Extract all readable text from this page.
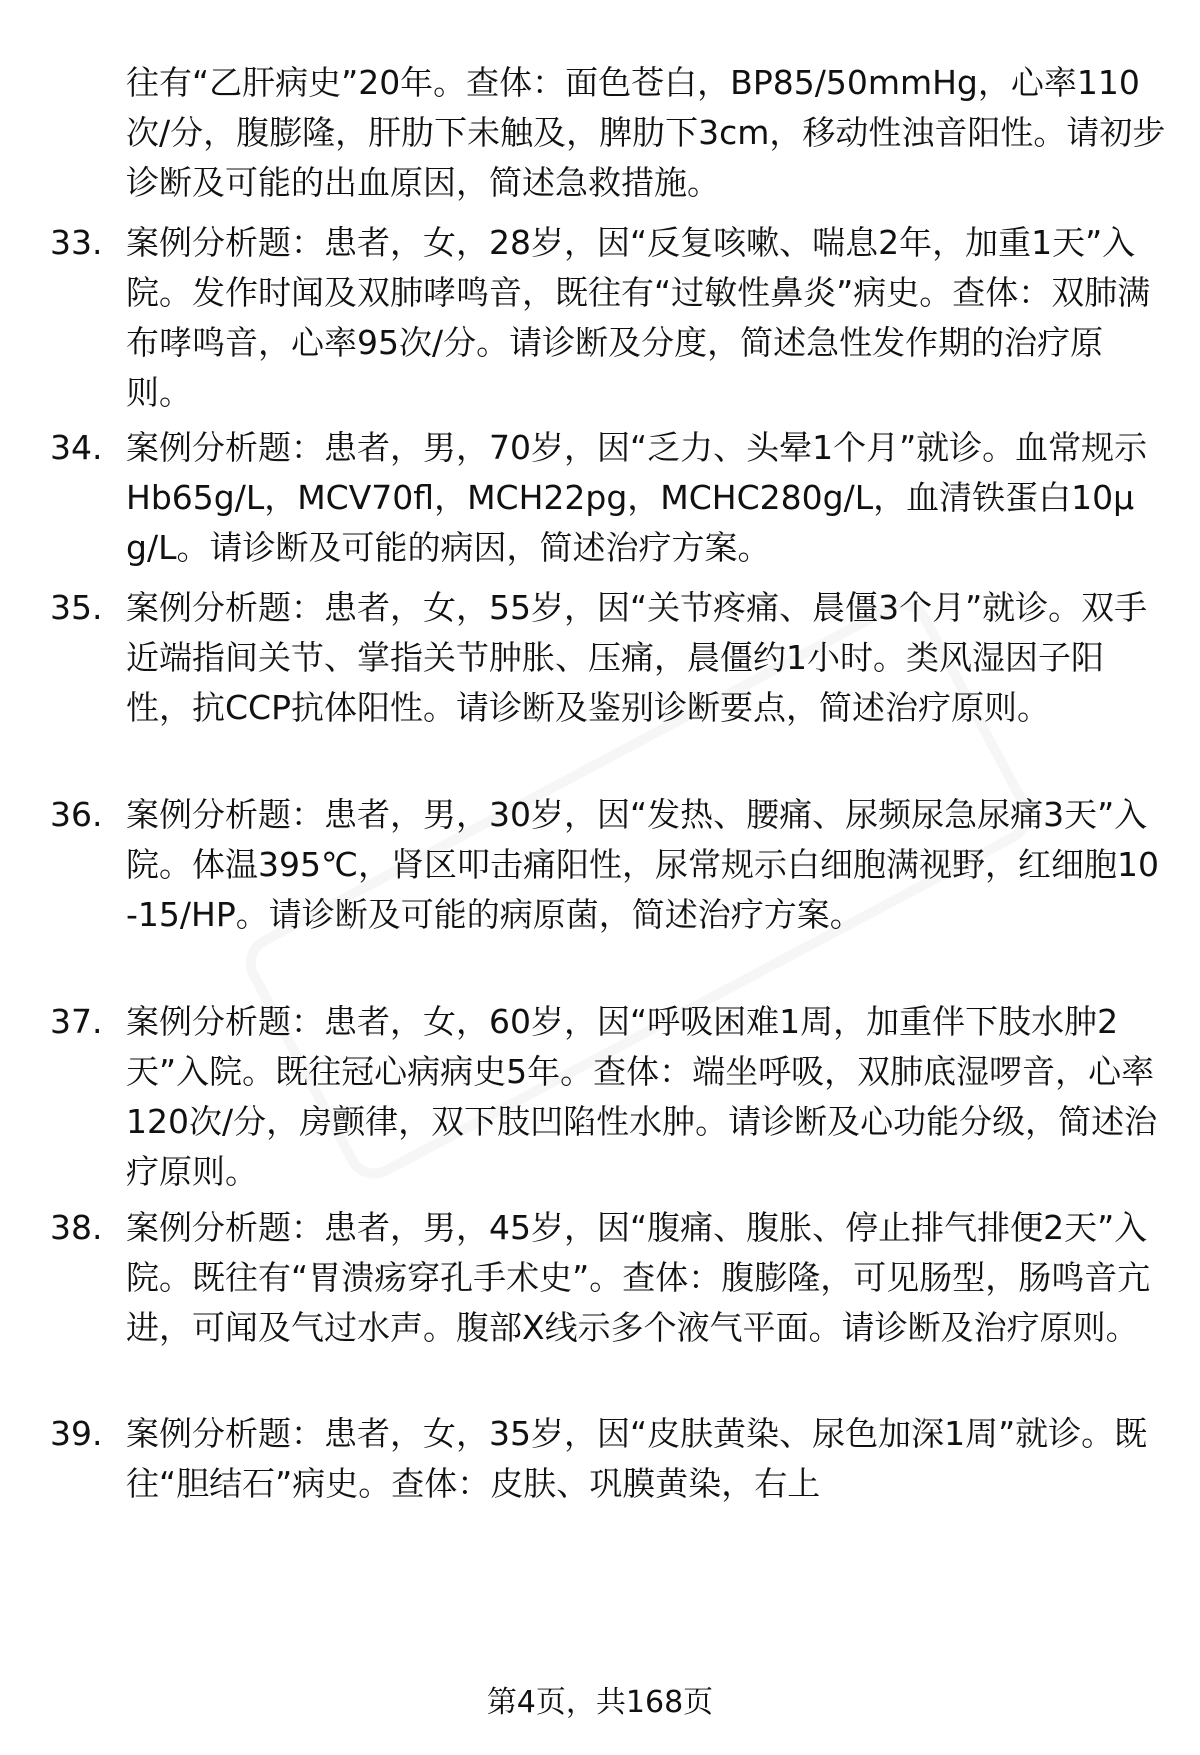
往有“乙肝病史”20年。查体：面色苍白，BP85/50mmHg，心率110次/分，腹膨隆，肝肋下未触及，脾肋下3cm，移动性浊音阳性。请初步诊断及可能的出血原因，简述急救措施。
33. 案例分析题：患者，女，28岁，因“反复咳嗽、喘息2年，加重1天”入院。发作时闻及双肺哮鸣音，既往有“过敏性鼻炎”病史。查体：双肺满布哮鸣音，心率95次/分。请诊断及分度，简述急性发作期的治疗原则。
34. 案例分析题：患者，男，70岁，因“乏力、头晕1个月”就诊。血常规示Hb65g/L，MCV70fl，MCH22pg，MCHC280g/L，血清铁蛋白10μg/L。请诊断及可能的病因，简述治疗方案。
35. 案例分析题：患者，女，55岁，因“关节疼痛、晨僵3个月”就诊。双手近端指间关节、掌指关节肿胀、压痛，晨僵约1小时。类风湿因子阳性，抗CCP抗体阳性。请诊断及鉴别诊断要点，简述治疗原则。
36. 案例分析题：患者，男，30岁，因“发热、腰痛、尿频尿急尿痛3天”入院。体温395℃，肾区叩击痛阳性，尿常规示白细胞满视野，红细胞10-15/HP。请诊断及可能的病原菌，简述治疗方案。
37. 案例分析题：患者，女，60岁，因“呼吸困难1周，加重伴下肢水肿2天”入院。既往冠心病病史5年。查体：端坐呼吸，双肺底湿啰音，心率120次/分，房颤律，双下肢凹陷性水肿。请诊断及心功能分级，简述治疗原则。
38. 案例分析题：患者，男，45岁，因“腹痛、腹胀、停止排气排便2天”入院。既往有“胃溃疡穿孔手术史”。查体：腹膨隆，可见肠型，肠鸣音亢进，可闻及气过水声。腹部X线示多个液气平面。请诊断及治疗原则。
39. 案例分析题：患者，女，35岁，因“皮肤黄染、尿色加深1周”就诊。既往“胆结石”病史。查体：皮肤、巩膜黄染，右上
第4页，共168页
